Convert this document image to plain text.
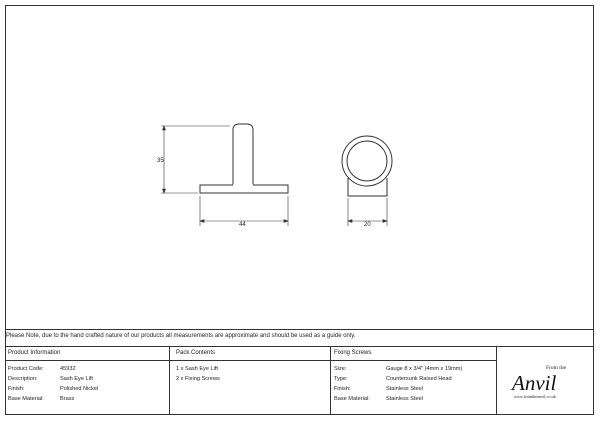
35
44	20
Please Note, due to the hand crafted nature of our products all measurements are approximate and should be used as a guide only.
Product Information	Pack Contents	Fixing Screws
Product Code:	45932
Description:	Sash Eye Lift
Finish:	Polished Nickel
Base Material:	Brass
1 x Sash Eye Lift
2 x Fixing Screws
Size:	Gauge 8 x 3/4" (4mm x 19mm)
Type:	Countersunk Raised Head
Finish:	Stainless Steel
Base Material:	Stainless Steel
From the
Anvil
www.fromtheanvil.co.uk
